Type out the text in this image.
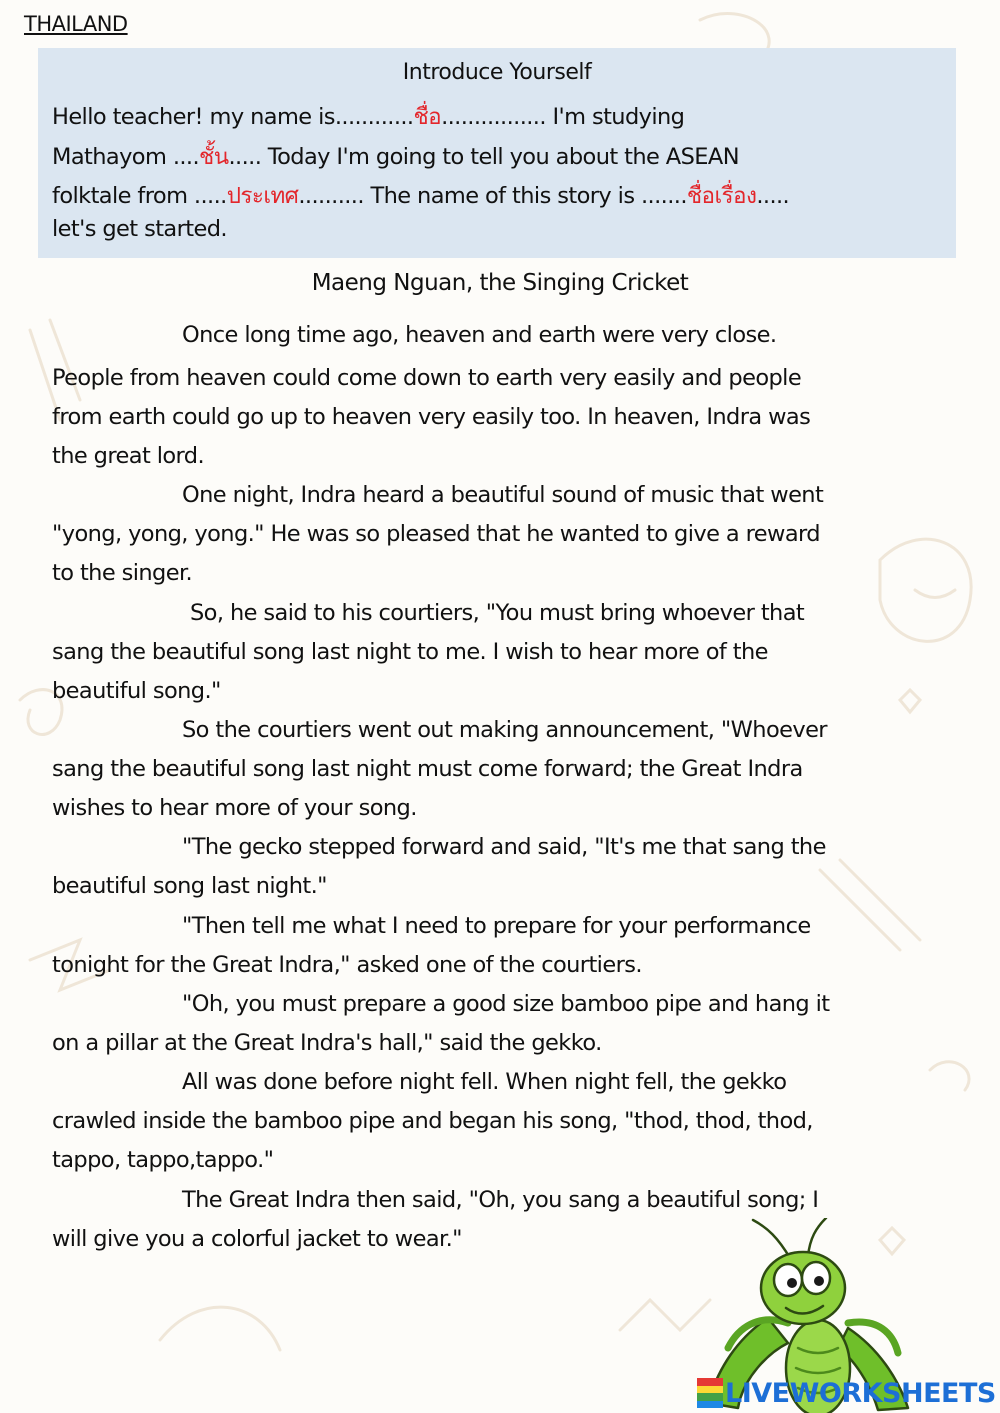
THAILAND
Introduce Yourself
Hello teacher! my name is............ชื่อ................ I'm studying
Mathayom ....ชั้น..... Today I'm going to tell you about the ASEAN
folktale from .....ประเทศ.......... The name of this story is .......ชื่อเรื่อง.....
let's get started.
Maeng Nguan, the Singing Cricket
Once long time ago, heaven and earth were very close.
People from heaven could come down to earth very easily and people
from earth could go up to heaven very easily too. In heaven, Indra was
the great lord.
One night, Indra heard a beautiful sound of music that went
"yong, yong, yong." He was so pleased that he wanted to give a reward
to the singer.
So, he said to his courtiers, "You must bring whoever that
sang the beautiful song last night to me. I wish to hear more of the
beautiful song."
So the courtiers went out making announcement, "Whoever
sang the beautiful song last night must come forward; the Great Indra
wishes to hear more of your song.
"The gecko stepped forward and said, "It's me that sang the
beautiful song last night."
"Then tell me what I need to prepare for your performance
tonight for the Great Indra," asked one of the courtiers.
"Oh, you must prepare a good size bamboo pipe and hang it
on a pillar at the Great Indra's hall," said the gekko.
All was done before night fell. When night fell, the gekko
crawled inside the bamboo pipe and began his song, "thod, thod, thod,
tappo, tappo,tappo."
The Great Indra then said, "Oh, you sang a beautiful song; I
will give you a colorful jacket to wear."
LIVEWORKSHEETS
